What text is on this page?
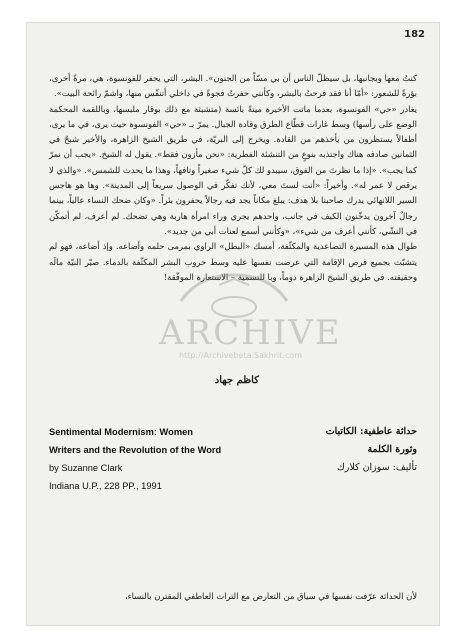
182

كنتُ معها وبجانبها، بل سيظلّ الناس أن بي مسّاً من الجنون». البشر، التي يحفر للفونسوة، هي، مرةً أخرى، بؤرةً للشعور: «أمّا أنا فقد فرحتُ بالبشر، وكأنني حفرتُ فجوةً في داخلي أتنفّس منها، واشمّ رائحة البيت».

يغادر «حي» الفونسوة، بعدما ماتت الأخيرة ميتةً بائسة (متشبثة مع ذلك بوقار ملبسها، وباللقمة المحكمة الوضع على رأسها) وسط غارات قطّاع الطرق وقادة الجبال. يمرّ بـ «حي» الفونسوة حيث يرى، في ما يرى، أطفالاً يستظرون من يأخذهم من القادة. ويخرج إلى البريّة، في طريق الشيخ الزاهرة، والأخير شبحٌ في الثمانين صادفه هناك واجتذبه بنوعٍ من التنشئة الفطرية: «نحن مأزون فقط». يقول له الشيخ. «يجب أن نمرّ كما يجب». «إذا ما نظرتَ من الفوق، سيبدو لك كلّ شيء صغيراً وتافهاً، وهذا ما يحدث للشمس». «والذي لا يرقص لا عمر له». وأخيراً: «أنت لستَ معي، لأنك تفكّر في الوصول سريعاً إلى المدينة». وها هو هاجس السير اللانهائي يدرك صاحبنا بلا هدف: يبلغ مكاناً يجد فيه رجالاً يحفرون بئراً. «وكان ضحك النساء عالياً، بينما رجالٌ آخرون يدخّنون الكيف في جانب، واحدهم يجري وراء امرأة هاربة وهي تضحك. لم أعرف، لم أتمكّن في النشّي، كأنني أعرف من شيء»، «وكأنني أسمع لعنات أبي من جديد».

طوال هذه المسيرة التصاعدية والمكثّفة، أمسك «البطل» الراوي بمرمى حلمه وأضاعه. وإذ أضاعه، فهو لم يتشبّث بجميع فرص الإقامة التي عرضت نفسها عليه وسط حروب البشر المكثّفة بالدماء. صبّر النيّة مالَه وحقيقته. في طريق الشيخ الزاهرة دوماً، وبا للتسمية – الاستعارة الموفّقة!

كاظم جهاد
Sentimental Modernism: Women
Writers and the Revolution of the Word
by Suzanne Clark
Indiana U.P., 228 PP., 1991
حداثة عاطفية: الكاتبات
وثورة الكلمة
تأليف: سوزان كلارك
لأن الحداثة عرّفت نفسها في سياق من التعارض مع التراث العاطفي المقترن بالنساء،
ARCHIVE
http://Archivebeta.Sakhrit.com
